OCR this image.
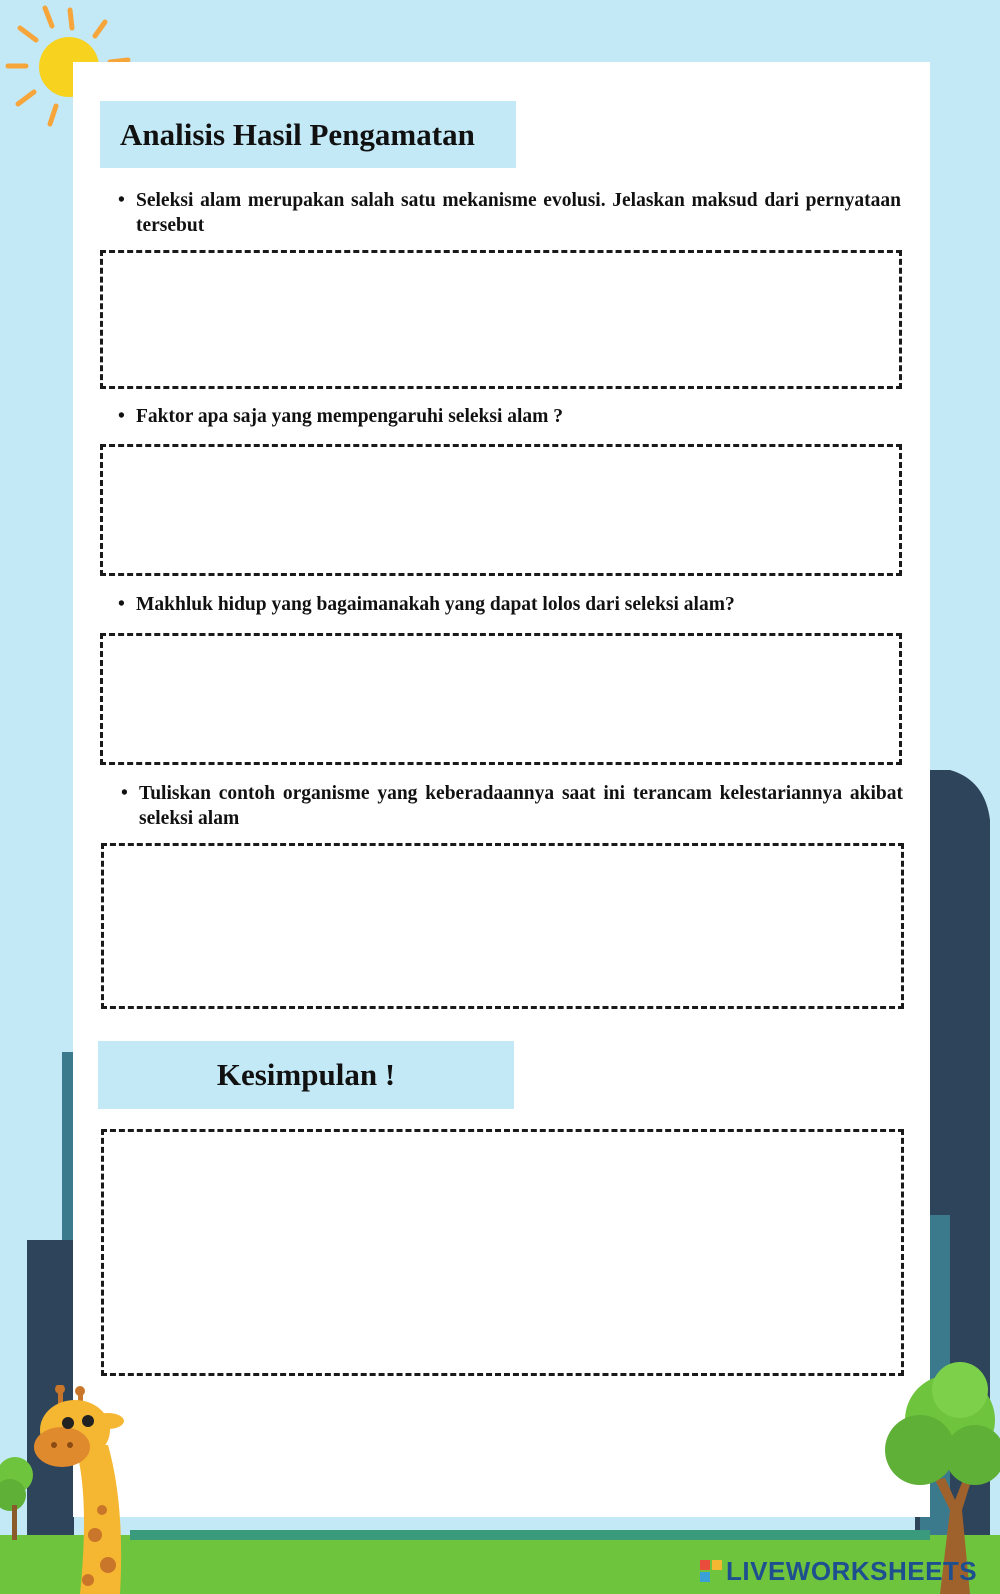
Analisis Hasil Pengamatan
• Seleksi alam merupakan salah satu mekanisme evolusi. Jelaskan maksud dari pernyataan tersebut
• Faktor apa saja yang mempengaruhi seleksi alam ?
• Makhluk hidup yang bagaimanakah yang dapat lolos dari seleksi alam?
• Tuliskan contoh organisme yang keberadaannya saat ini terancam kelestariannya akibat seleksi alam
Kesimpulan !
LIVEWORKSHEETS
